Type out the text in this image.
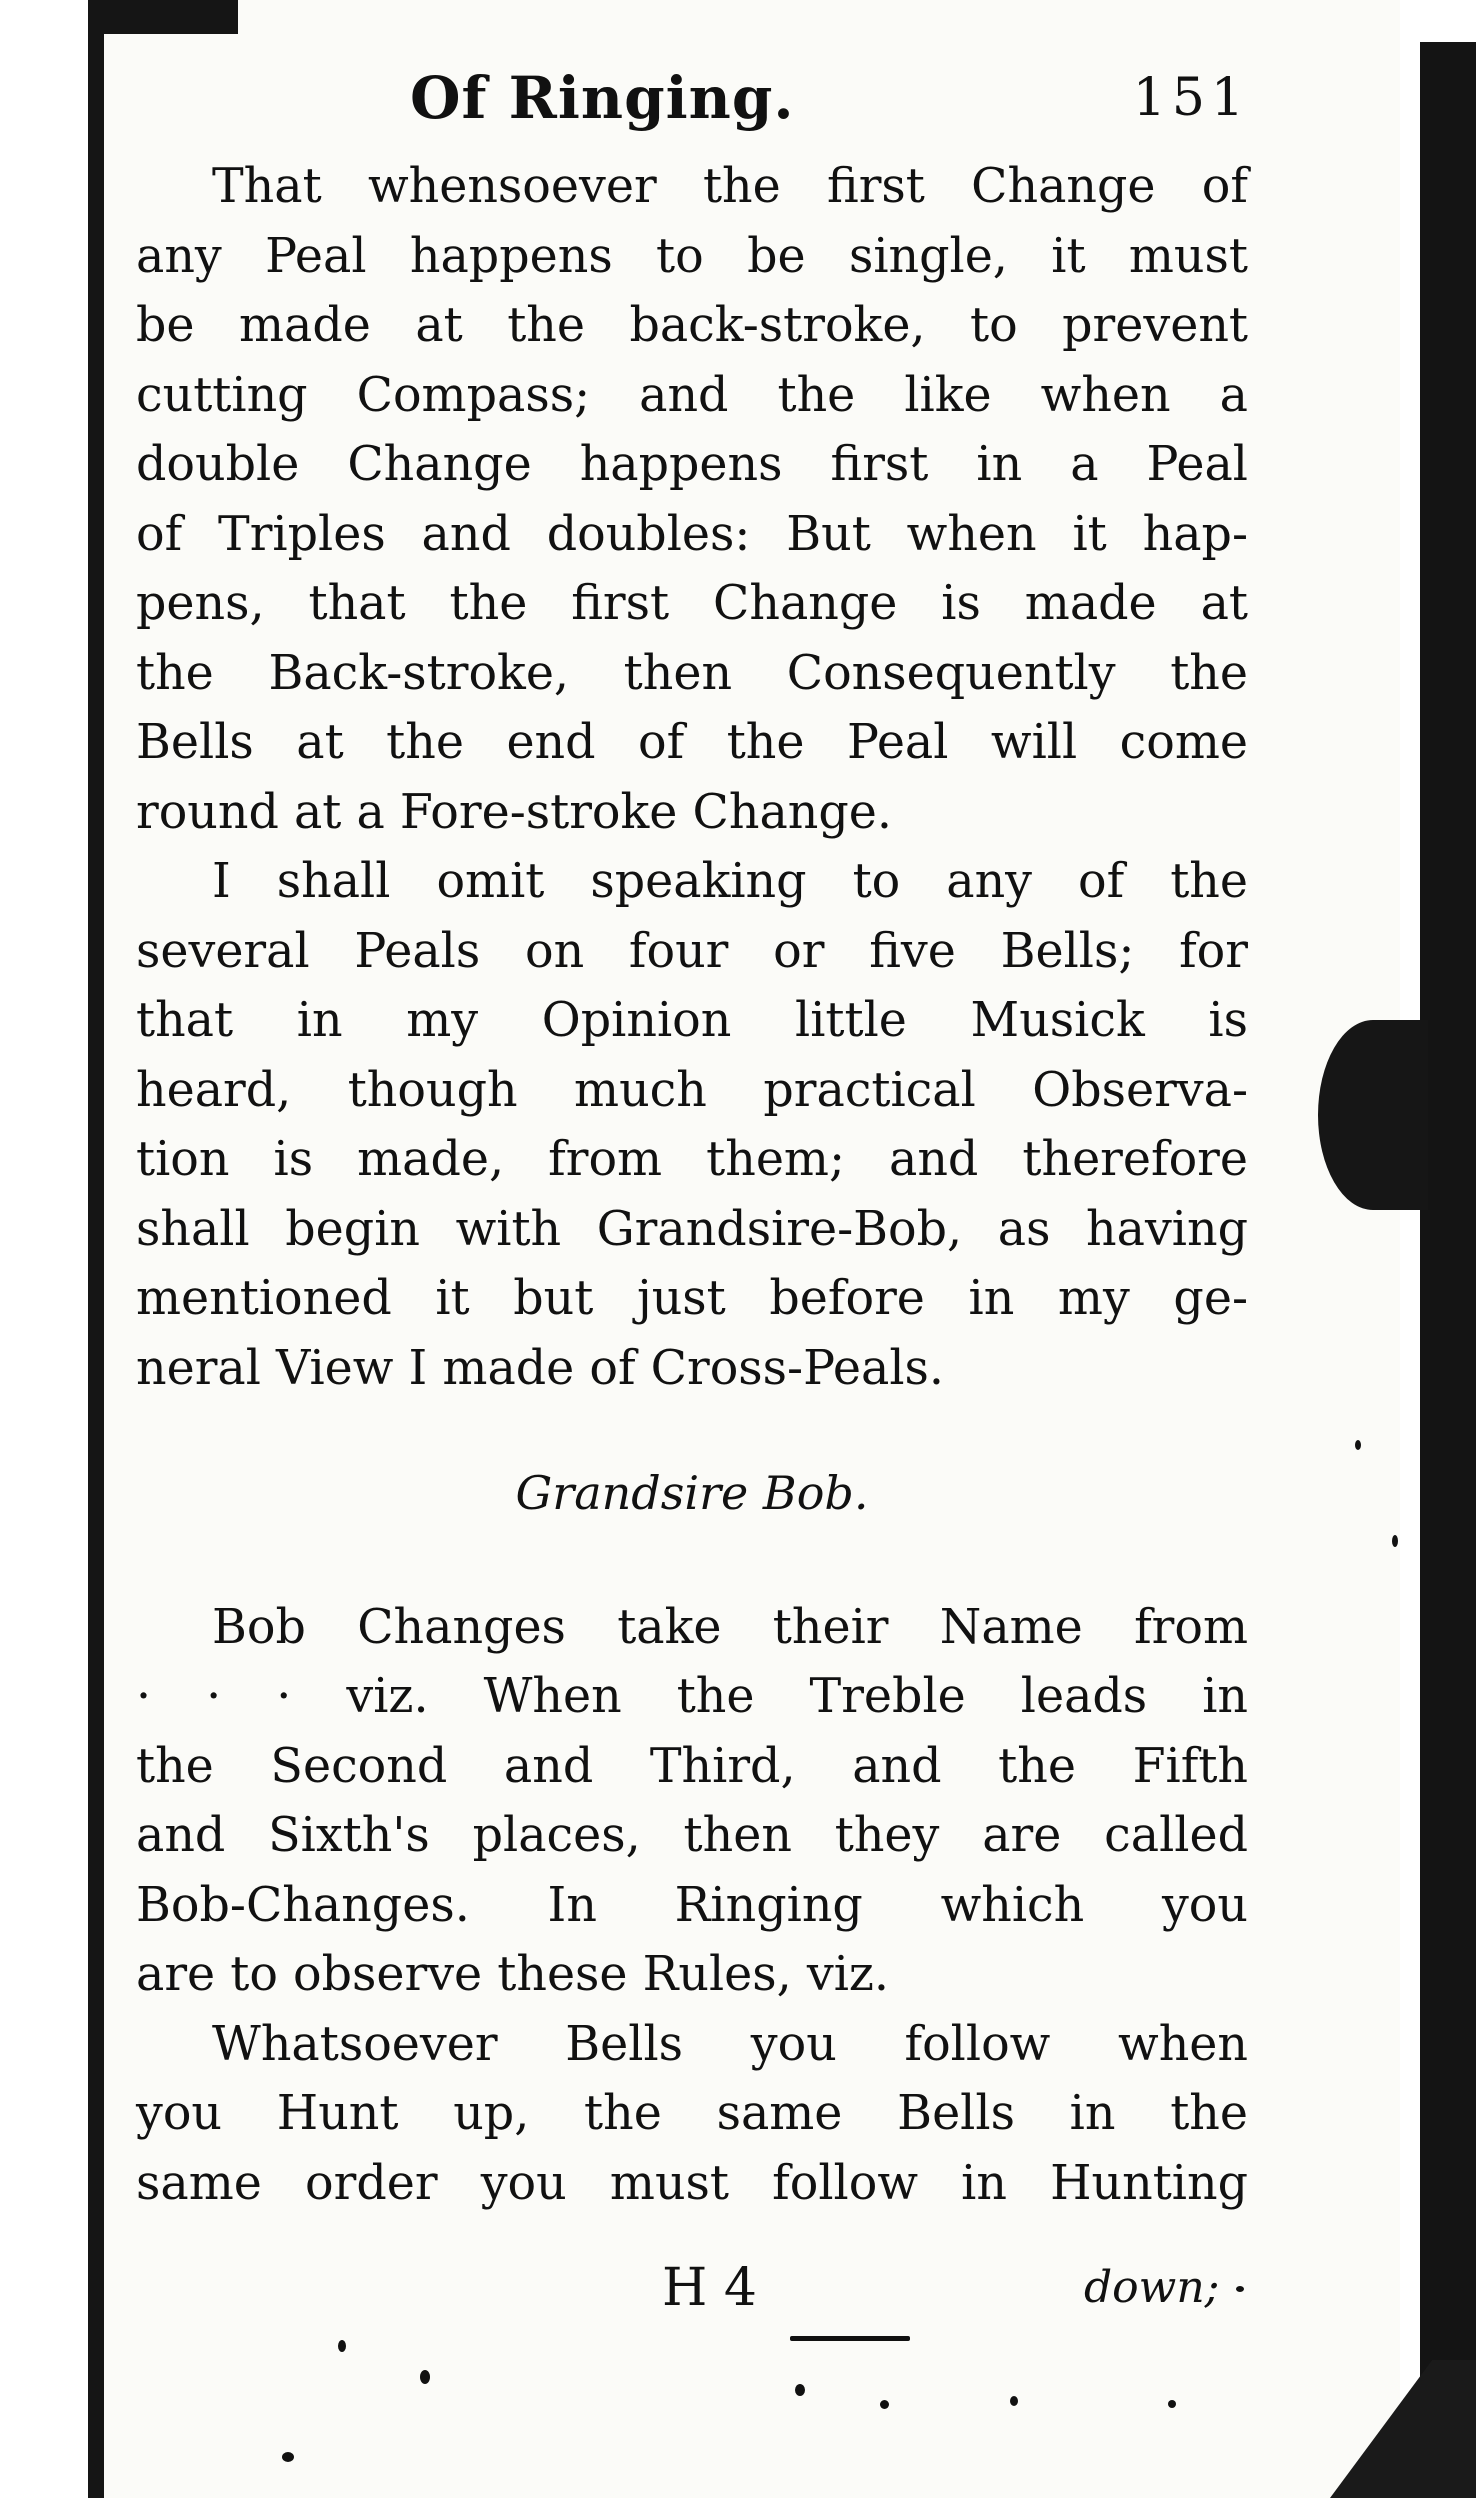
Of Ringing.	151

That whensoever the first Change of

any Peal happens to be single, it must

be made at the back-stroke, to prevent

cutting Compass; and the like when a

double Change happens first in a Peal

of Triples and doubles: But when it hap-

pens, that the first Change is made at

the Back-stroke, then Consequently the

Bells at the end of the Peal will come

round at a Fore-stroke Change.

I shall omit speaking to any of the

several Peals on four or five Bells; for

that in my Opinion little Musick is

heard, though much practical Observa-

tion is made, from them; and therefore

shall begin with Grandsire-Bob, as having

mentioned it but just before in my ge-

neral View I made of Cross-Peals.

Grandsire Bob.

Bob Changes take their Name from

· · · viz. When the Treble leads in

the Second and Third, and the Fifth

and Sixth's places, then they are called

Bob-Changes. In Ringing which you

are to observe these Rules, viz.

Whatsoever Bells you follow when

you Hunt up, the same Bells in the

same order you must follow in Hunting

H 4	down;
